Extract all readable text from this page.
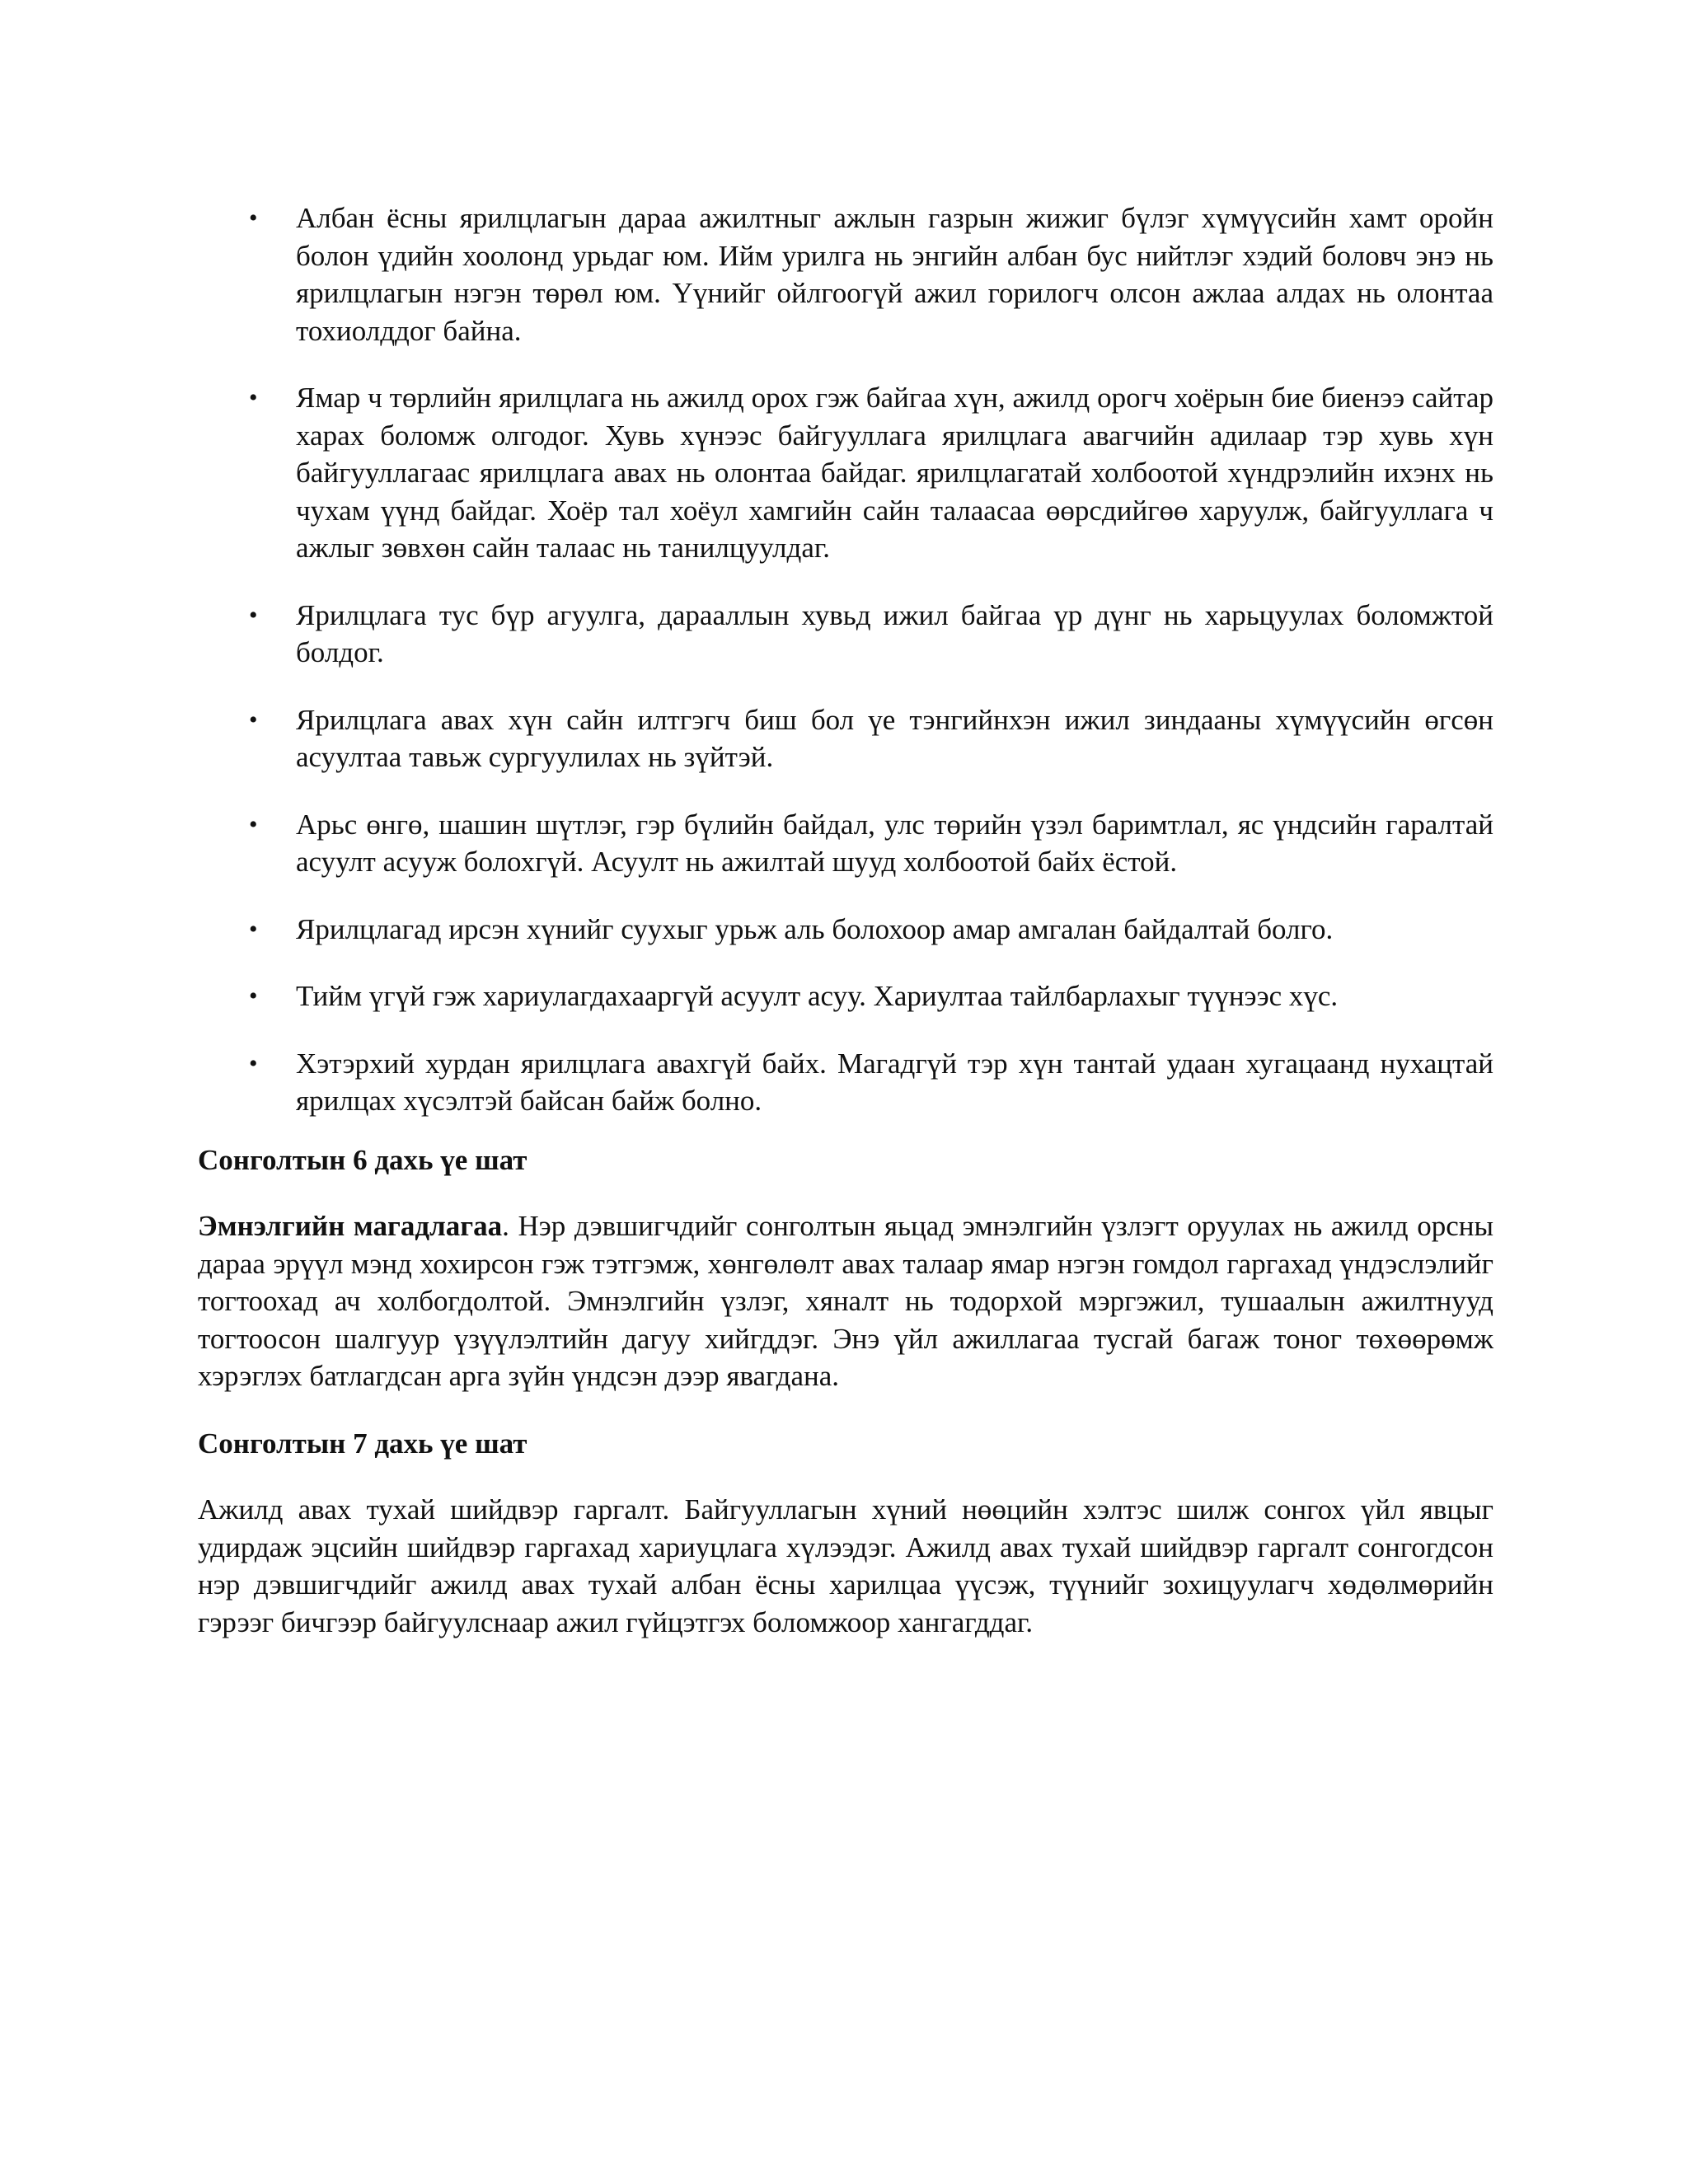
• Албан ёсны ярилцлагын дараа ажилтныг ажлын газрын жижиг бүлэг хүмүүсийн хамт оройн болон үдийн хоолонд урьдаг юм. Ийм урилга нь энгийн албан бус нийтлэг хэдий боловч энэ нь ярилцлагын нэгэн төрөл юм. Үүнийг ойлгоогүй ажил горилогч олсон ажлаа алдах нь олонтаа тохиолддог байна.
• Ямар ч төрлийн ярилцлага нь ажилд орох гэж байгаа хүн, ажилд орогч хоёрын бие биенээ сайтар харах боломж олгодог. Хувь хүнээс байгууллага ярилцлага авагчийн адилаар тэр хувь хүн байгууллагаас ярилцлага авах нь олонтаа байдаг. ярилцлагатай холбоотой хүндрэлийн ихэнх нь чухам үүнд байдаг. Хоёр тал хоёул хамгийн сайн талаасаа өөрсдийгөө харуулж, байгууллага ч ажлыг зөвхөн сайн талаас нь танилцуулдаг.
• Ярилцлага тус бүр агуулга, дарааллын хувьд ижил байгаа үр дүнг нь харьцуулах боломжтой болдог.
• Ярилцлага авах хүн сайн илтгэгч биш бол үе тэнгийнхэн ижил зиндааны хүмүүсийн өгсөн асуултаа тавьж сургуулилах нь зүйтэй.
• Арьс өнгө, шашин шүтлэг, гэр бүлийн байдал, улс төрийн үзэл баримтлал, яс үндсийн гаралтай асуулт асууж болохгүй. Асуулт нь ажилтай шууд холбоотой байх ёстой.
• Ярилцлагад ирсэн хүнийг суухыг урьж аль болохоор амар амгалан байдалтай болго.
• Тийм үгүй гэж хариулагдахааргүй асуулт асуу. Хариултаа тайлбарлахыг түүнээс хүс.
• Хэтэрхий хурдан ярилцлага авахгүй байх. Магадгүй тэр хүн тантай удаан хугацаанд нухацтай ярилцах хүсэлтэй байсан байж болно.
Сонголтын 6 дахь үе шат

Эмнэлгийн магадлагаа. Нэр дэвшигчдийг сонголтын яьцад эмнэлгийн үзлэгт оруулах нь ажилд орсны дараа эрүүл мэнд хохирсон гэж тэтгэмж, хөнгөлөлт авах талаар ямар нэгэн гомдол гаргахад үндэслэлийг тогтоохад ач холбогдолтой. Эмнэлгийн үзлэг, хяналт нь тодорхой мэргэжил, тушаалын ажилтнууд тогтоосон шалгуур үзүүлэлтийн дагуу хийгддэг. Энэ үйл ажиллагаа тусгай багаж тоног төхөөрөмж хэрэглэх батлагдсан арга зүйн үндсэн дээр явагдана.

Сонголтын 7 дахь үе шат

Ажилд авах тухай шийдвэр гаргалт. Байгууллагын хүний нөөцийн хэлтэс шилж сонгох үйл явцыг удирдаж эцсийн шийдвэр гаргахад хариуцлага хүлээдэг. Ажилд авах тухай шийдвэр гаргалт сонгогдсон нэр дэвшигчдийг ажилд авах тухай албан ёсны харилцаа үүсэж, түүнийг зохицуулагч хөдөлмөрийн гэрээг бичгээр байгуулснаар ажил гүйцэтгэх боломжоор хангагддаг.
